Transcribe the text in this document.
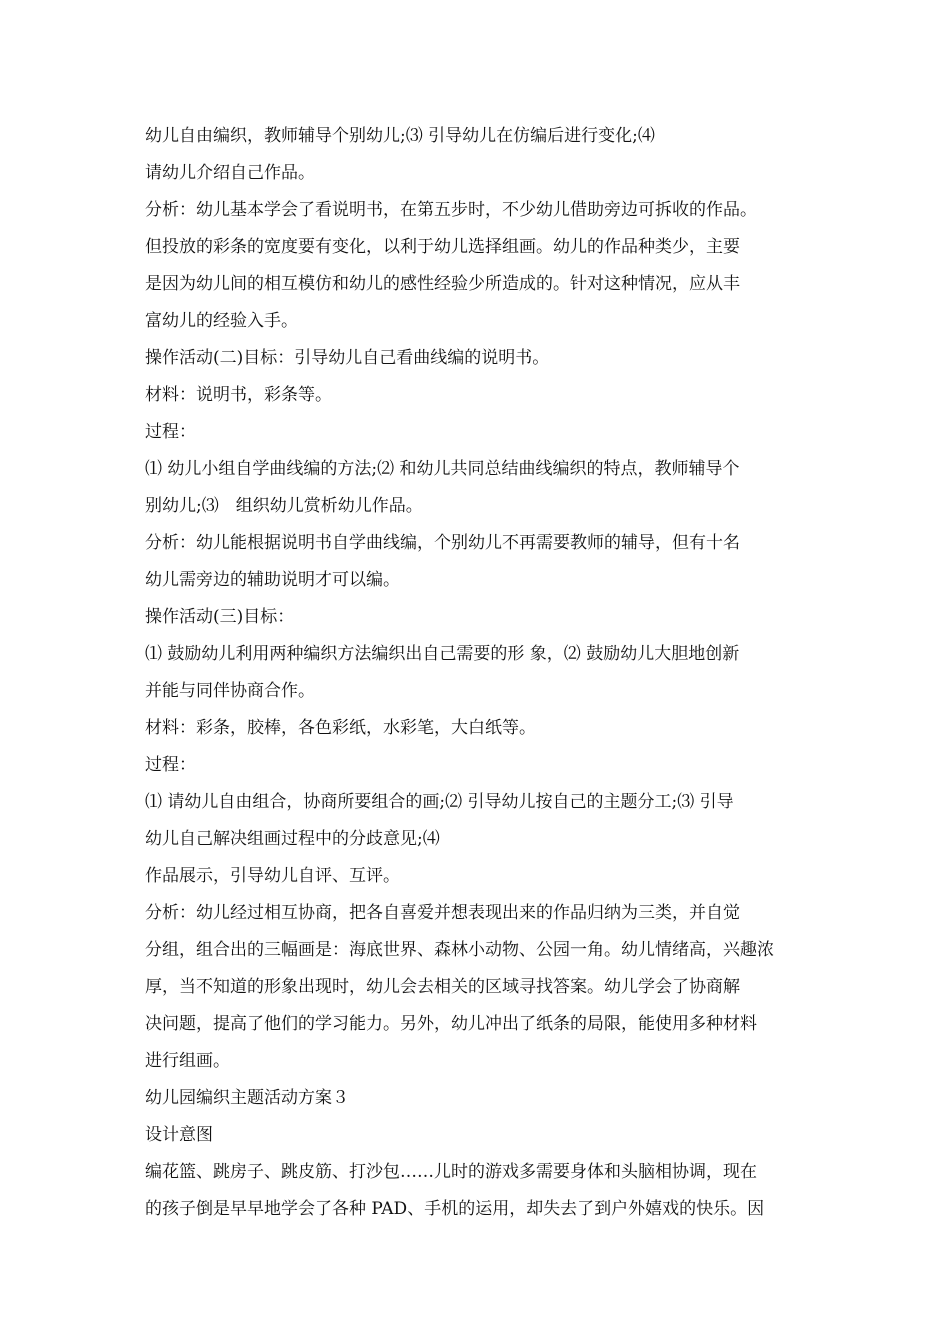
幼儿自由编织，教师辅导个别幼儿;⑶ 引导幼儿在仿编后进行变化;⑷
请幼儿介绍自己作品。
分析：幼儿基本学会了看说明书，在第五步时，不少幼儿借助旁边可拆收的作品。
但投放的彩条的宽度要有变化，以利于幼儿选择组画。幼儿的作品种类少，主要
是因为幼儿间的相互模仿和幼儿的感性经验少所造成的。针对这种情况，应从丰
富幼儿的经验入手。
操作活动(二)目标：引导幼儿自己看曲线编的说明书。
材料：说明书，彩条等。
过程：
⑴ 幼儿小组自学曲线编的方法;⑵ 和幼儿共同总结曲线编织的特点，教师辅导个
别幼儿;⑶　组织幼儿赏析幼儿作品。
分析：幼儿能根据说明书自学曲线编，个别幼儿不再需要教师的辅导，但有十名
幼儿需旁边的辅助说明才可以编。
操作活动(三)目标：
⑴ 鼓励幼儿利用两种编织方法编织出自己需要的形 象，⑵ 鼓励幼儿大胆地创新
并能与同伴协商合作。
材料：彩条，胶棒，各色彩纸，水彩笔，大白纸等。
过程：
⑴ 请幼儿自由组合，协商所要组合的画;⑵ 引导幼儿按自己的主题分工;⑶ 引导
幼儿自己解决组画过程中的分歧意见;⑷
作品展示，引导幼儿自评、互评。
分析：幼儿经过相互协商，把各自喜爱并想表现出来的作品归纳为三类，并自觉
分组，组合出的三幅画是：海底世界、森林小动物、公园一角。幼儿情绪高，兴趣浓
厚，当不知道的形象出现时，幼儿会去相关的区域寻找答案。幼儿学会了协商解
决问题，提高了他们的学习能力。另外，幼儿冲出了纸条的局限，能使用多种材料
进行组画。
幼儿园编织主题活动方案３
设计意图
编花篮、跳房子、跳皮筋、打沙包……儿时的游戏多需要身体和头脑相协调，现在
的孩子倒是早早地学会了各种 PAD、手机的运用，却失去了到户外嬉戏的快乐。因
